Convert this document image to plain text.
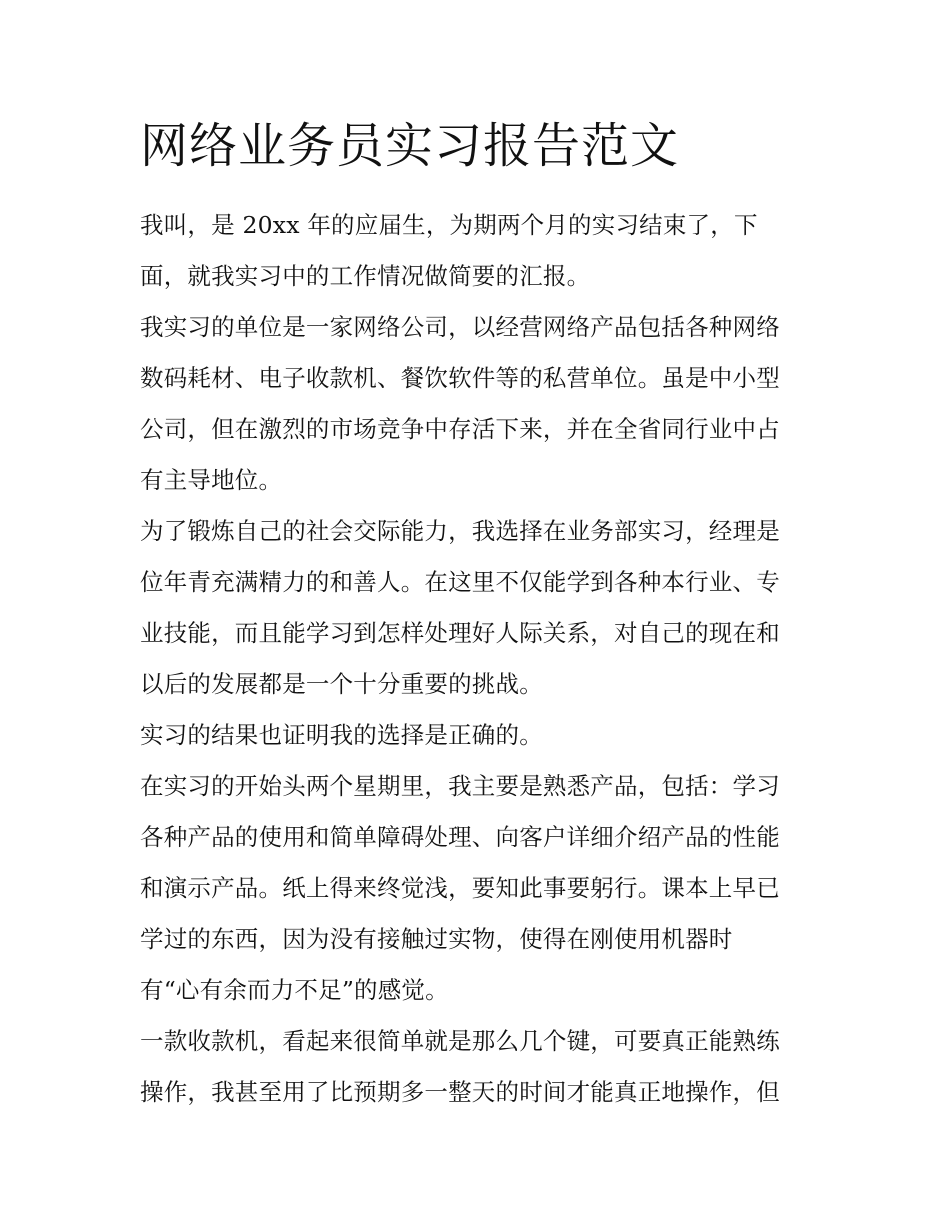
网络业务员实习报告范文
我叫，是 20xx 年的应届生，为期两个月的实习结束了，下
面，就我实习中的工作情况做简要的汇报。
我实习的单位是一家网络公司，以经营网络产品包括各种网络
数码耗材、电子收款机、餐饮软件等的私营单位。虽是中小型
公司，但在激烈的市场竞争中存活下来，并在全省同行业中占
有主导地位。
为了锻炼自己的社会交际能力，我选择在业务部实习，经理是
位年青充满精力的和善人。在这里不仅能学到各种本行业、专
业技能，而且能学习到怎样处理好人际关系，对自己的现在和
以后的发展都是一个十分重要的挑战。
实习的结果也证明我的选择是正确的。
在实习的开始头两个星期里，我主要是熟悉产品，包括：学习
各种产品的使用和简单障碍处理、向客户详细介绍产品的性能
和演示产品。纸上得来终觉浅，要知此事要躬行。课本上早已
学过的东西，因为没有接触过实物，使得在刚使用机器时
有“心有余而力不足”的感觉。
一款收款机，看起来很简单就是那么几个键，可要真正能熟练
操作，我甚至用了比预期多一整天的时间才能真正地操作，但
